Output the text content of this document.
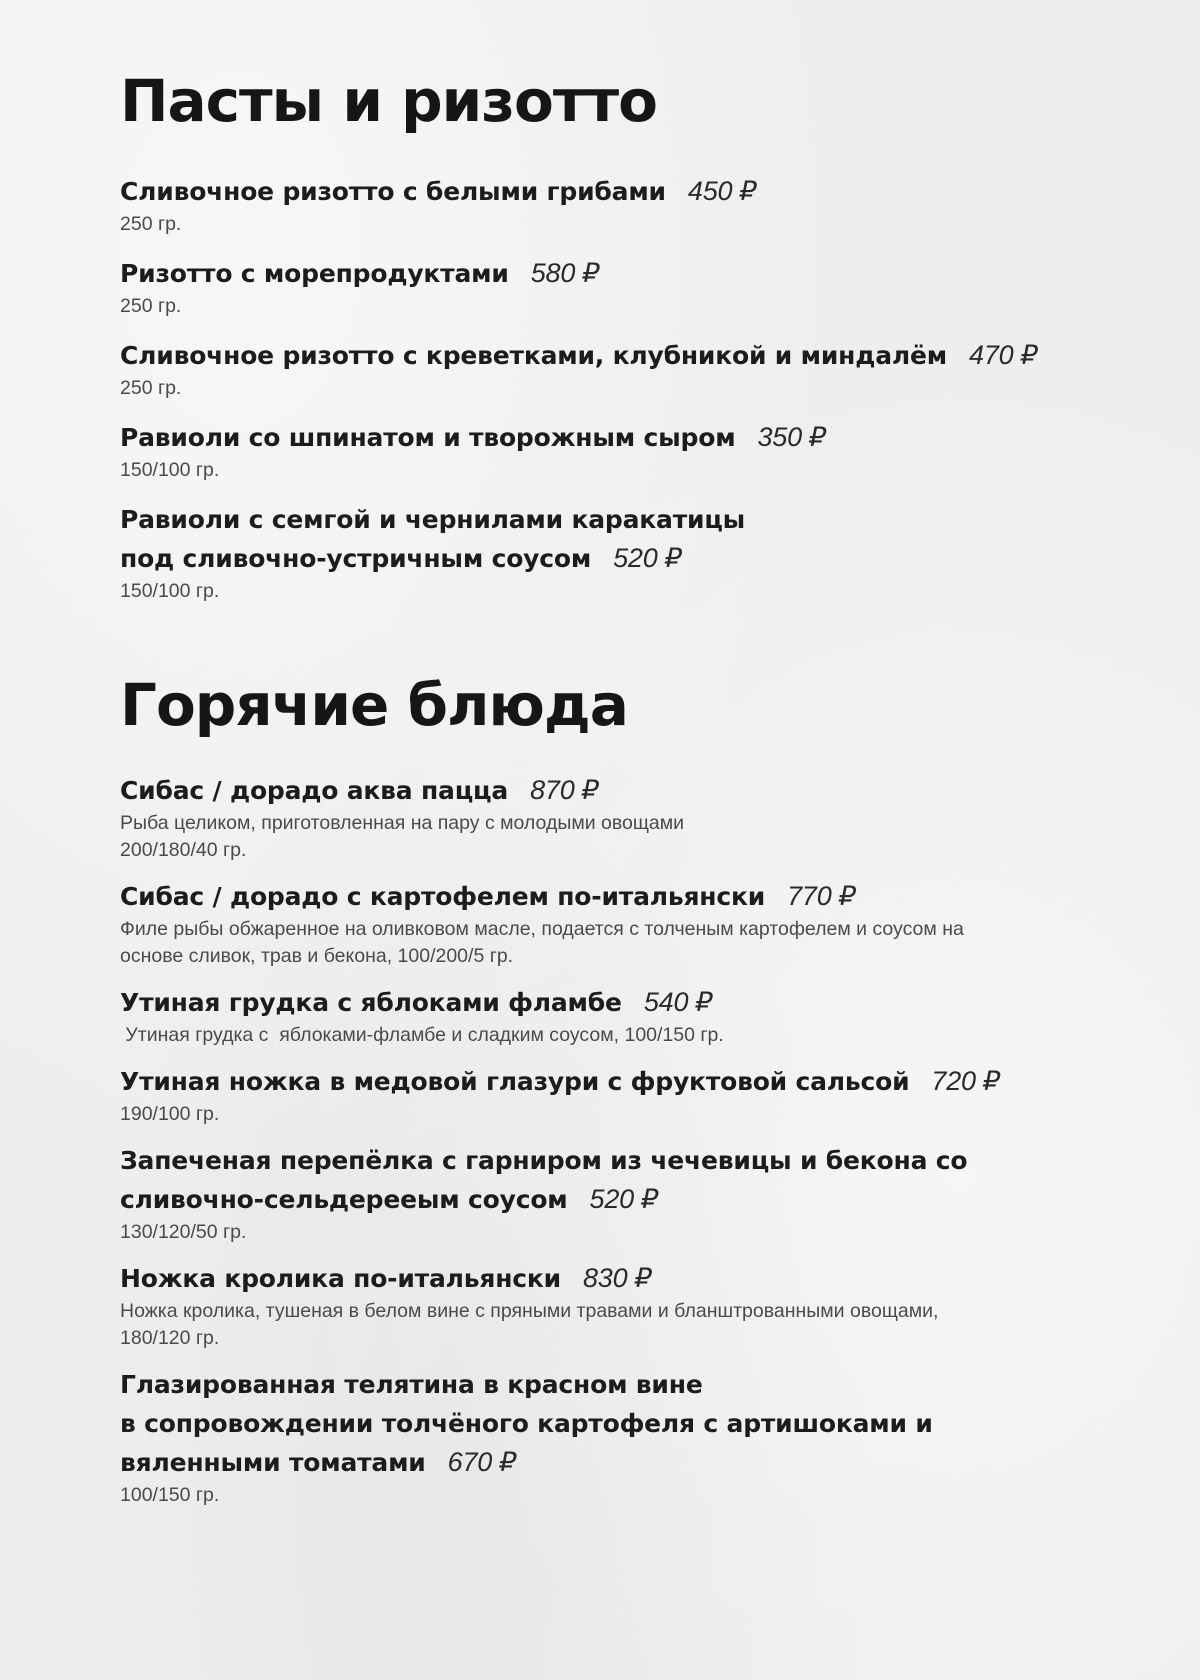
Пасты и ризотто
Сливочное ризотто с белыми грибами 450 ₽
250 гр.
Ризотто с морепродуктами 580 ₽
250 гр.
Сливочное ризотто с креветками, клубникой и миндалём 470 ₽
250 гр.
Равиоли со шпинатом и творожным сыром 350 ₽
150/100 гр.
Равиоли с семгой и чернилами каракатицы
под сливочно-устричным соусом 520 ₽
150/100 гр.
Горячие блюда
Сибас / дорадо аква пацца 870 ₽
Рыба целиком, приготовленная на пару с молодыми овощами
200/180/40 гр.
Сибас / дорадо с картофелем по-итальянски 770 ₽
Филе рыбы обжаренное на оливковом масле, подается с толченым картофелем и соусом на
основе сливок, трав и бекона, 100/200/5 гр.
Утиная грудка с яблоками фламбе 540 ₽
Утиная грудка с  яблоками-фламбе и сладким соусом, 100/150 гр.
Утиная ножка в медовой глазури с фруктовой сальсой 720 ₽
190/100 гр.
Запеченая перепёлка с гарниром из чечевицы и бекона со
сливочно-сельдерееым соусом 520 ₽
130/120/50 гр.
Ножка кролика по-итальянски 830 ₽
Ножка кролика, тушеная в белом вине с пряными травами и бланштрованными овощами,
180/120 гр.
Глазированная телятина в красном вине
в сопровождении толчёного картофеля с артишоками и
вяленными томатами 670 ₽
100/150 гр.
